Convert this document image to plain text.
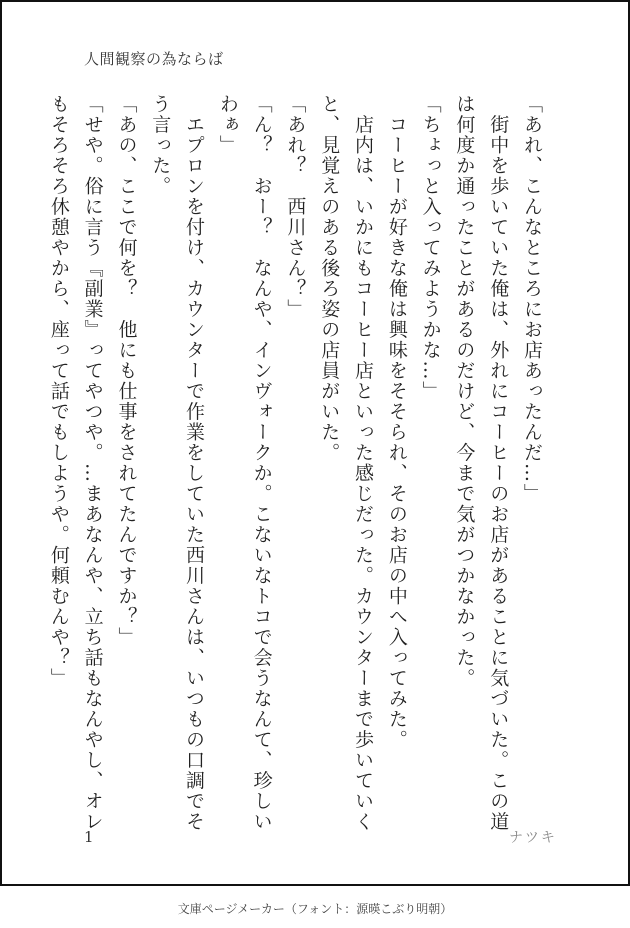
人間観察の為ならば
「あれ、こんなところにお店あったんだ…」
　街中を歩いていた俺は、外れにコーヒーのお店があることに気づいた。この道
は何度か通ったことがあるのだけど、今まで気がつかなかった。
「ちょっと入ってみようかな…」
　コーヒーが好きな俺は興味をそそられ、そのお店の中へ入ってみた。
　店内は、いかにもコーヒー店といった感じだった。カウンターまで歩いていく
と、見覚えのある後ろ姿の店員がいた。
「あれ？　西川さん？」
「ん？　おー？　なんや、インヴォークか。こないなトコで会うなんて、珍しい
わぁ」
　エプロンを付け、カウンターで作業をしていた西川さんは、いつもの口調でそ
う言った。
「あの、ここで何を？　他にも仕事をされてたんですか？」
「せや。俗に言う『副業』ってやつや。…まあなんや、立ち話もなんやし、オレ
もそろそろ休憩やから、座って話でもしようや。何頼むんや？」
1	ナツキ
文庫ページメーカー（フォント：源暎こぶり明朝）
